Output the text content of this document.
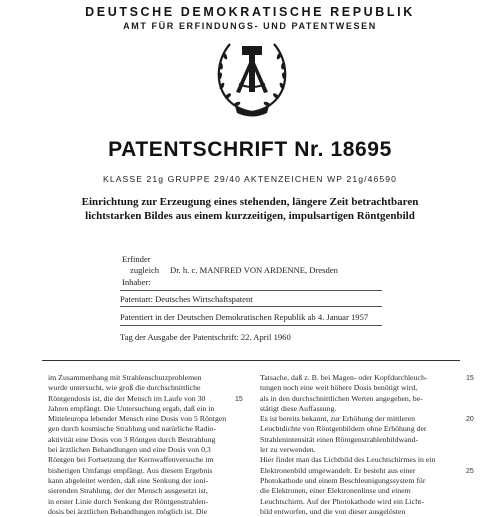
DEUTSCHE DEMOKRATISCHE REPUBLIK
AMT FÜR ERFINDUNGS- UND PATENTWESEN
PATENTSCHRIFT Nr. 18695
KLASSE 21g GRUPPE 29/40 AKTENZEICHEN WP 21g/46590
Einrichtung zur Erzeugung eines stehenden, längere Zeit betrachtbaren
lichtstarken Bildes aus einem kurzzeitigen, impulsartigen Röntgenbild
Erfinder
zugleich
Inhaber:
Dr. h. c. MANFRED VON ARDENNE, Dresden
Patentart: Deutsches Wirtschaftspatent
Patentiert in der Deutschen Demokratischen Republik ab 4. Januar 1957
Tag der Ausgabe der Patentschrift: 22. April 1960
im Zusammenhang mit Strahlenschutzproblemen
wurde untersucht, wie groß die durchschnittliche
Röntgendosis ist, die der Mensch im Laufe von 30
Jahren empfängt. Die Untersuchung ergab, daß ein in
Mitteleuropa lebender Mensch eine Dosis von 5 Röntgen
gen durch kosmische Strahlung und natürliche Radio-
aktivität eine Dosis von 3 Röntgen durch Bestrahlung
bei ärztlichen Behandlungen und eine Dosis von 0,3
Röntgen bei Fortsetzung der Kernwaffenversuche im
bisherigen Umfange empfängt. Aus diesem Ergebnis
kann abgeleitet werden, daß eine Senkung der ioni-
sierenden Strahlung, der der Mensch ausgesetzt ist,
in erster Linie durch Senkung der Röntgenstrahlen-
dosis bei ärztlichen Behandlungen möglich ist. Die
Tatsache, daß z. B. bei Magen- oder Kopfdurchleuch-
tungen noch eine weit höhere Dosis benötigt wird,
als in den durchschnittlichen Werten angegeben, be-
stätigt diese Auffassung.
Es ist bereits bekannt, zur Erhöhung der mittleren
Leuchtdichte von Röntgenbildern ohne Erhöhung der
Strahlenintensität einen Röntgenstrahlenbildwand-
ler zu verwenden.
Hier findet man das Lichtbild des Leuchtschirmes in ein
Elektronenbild umgewandelt. Er besteht aus einer
Photokathode und einem Beschleunigungssystem für
die Elektronen, einer Elektronenlinse und einem
Leuchtschirm. Auf der Photokathode wird ein Licht-
bild entworfen, und die von dieser ausgelösten
15
15
20
25
